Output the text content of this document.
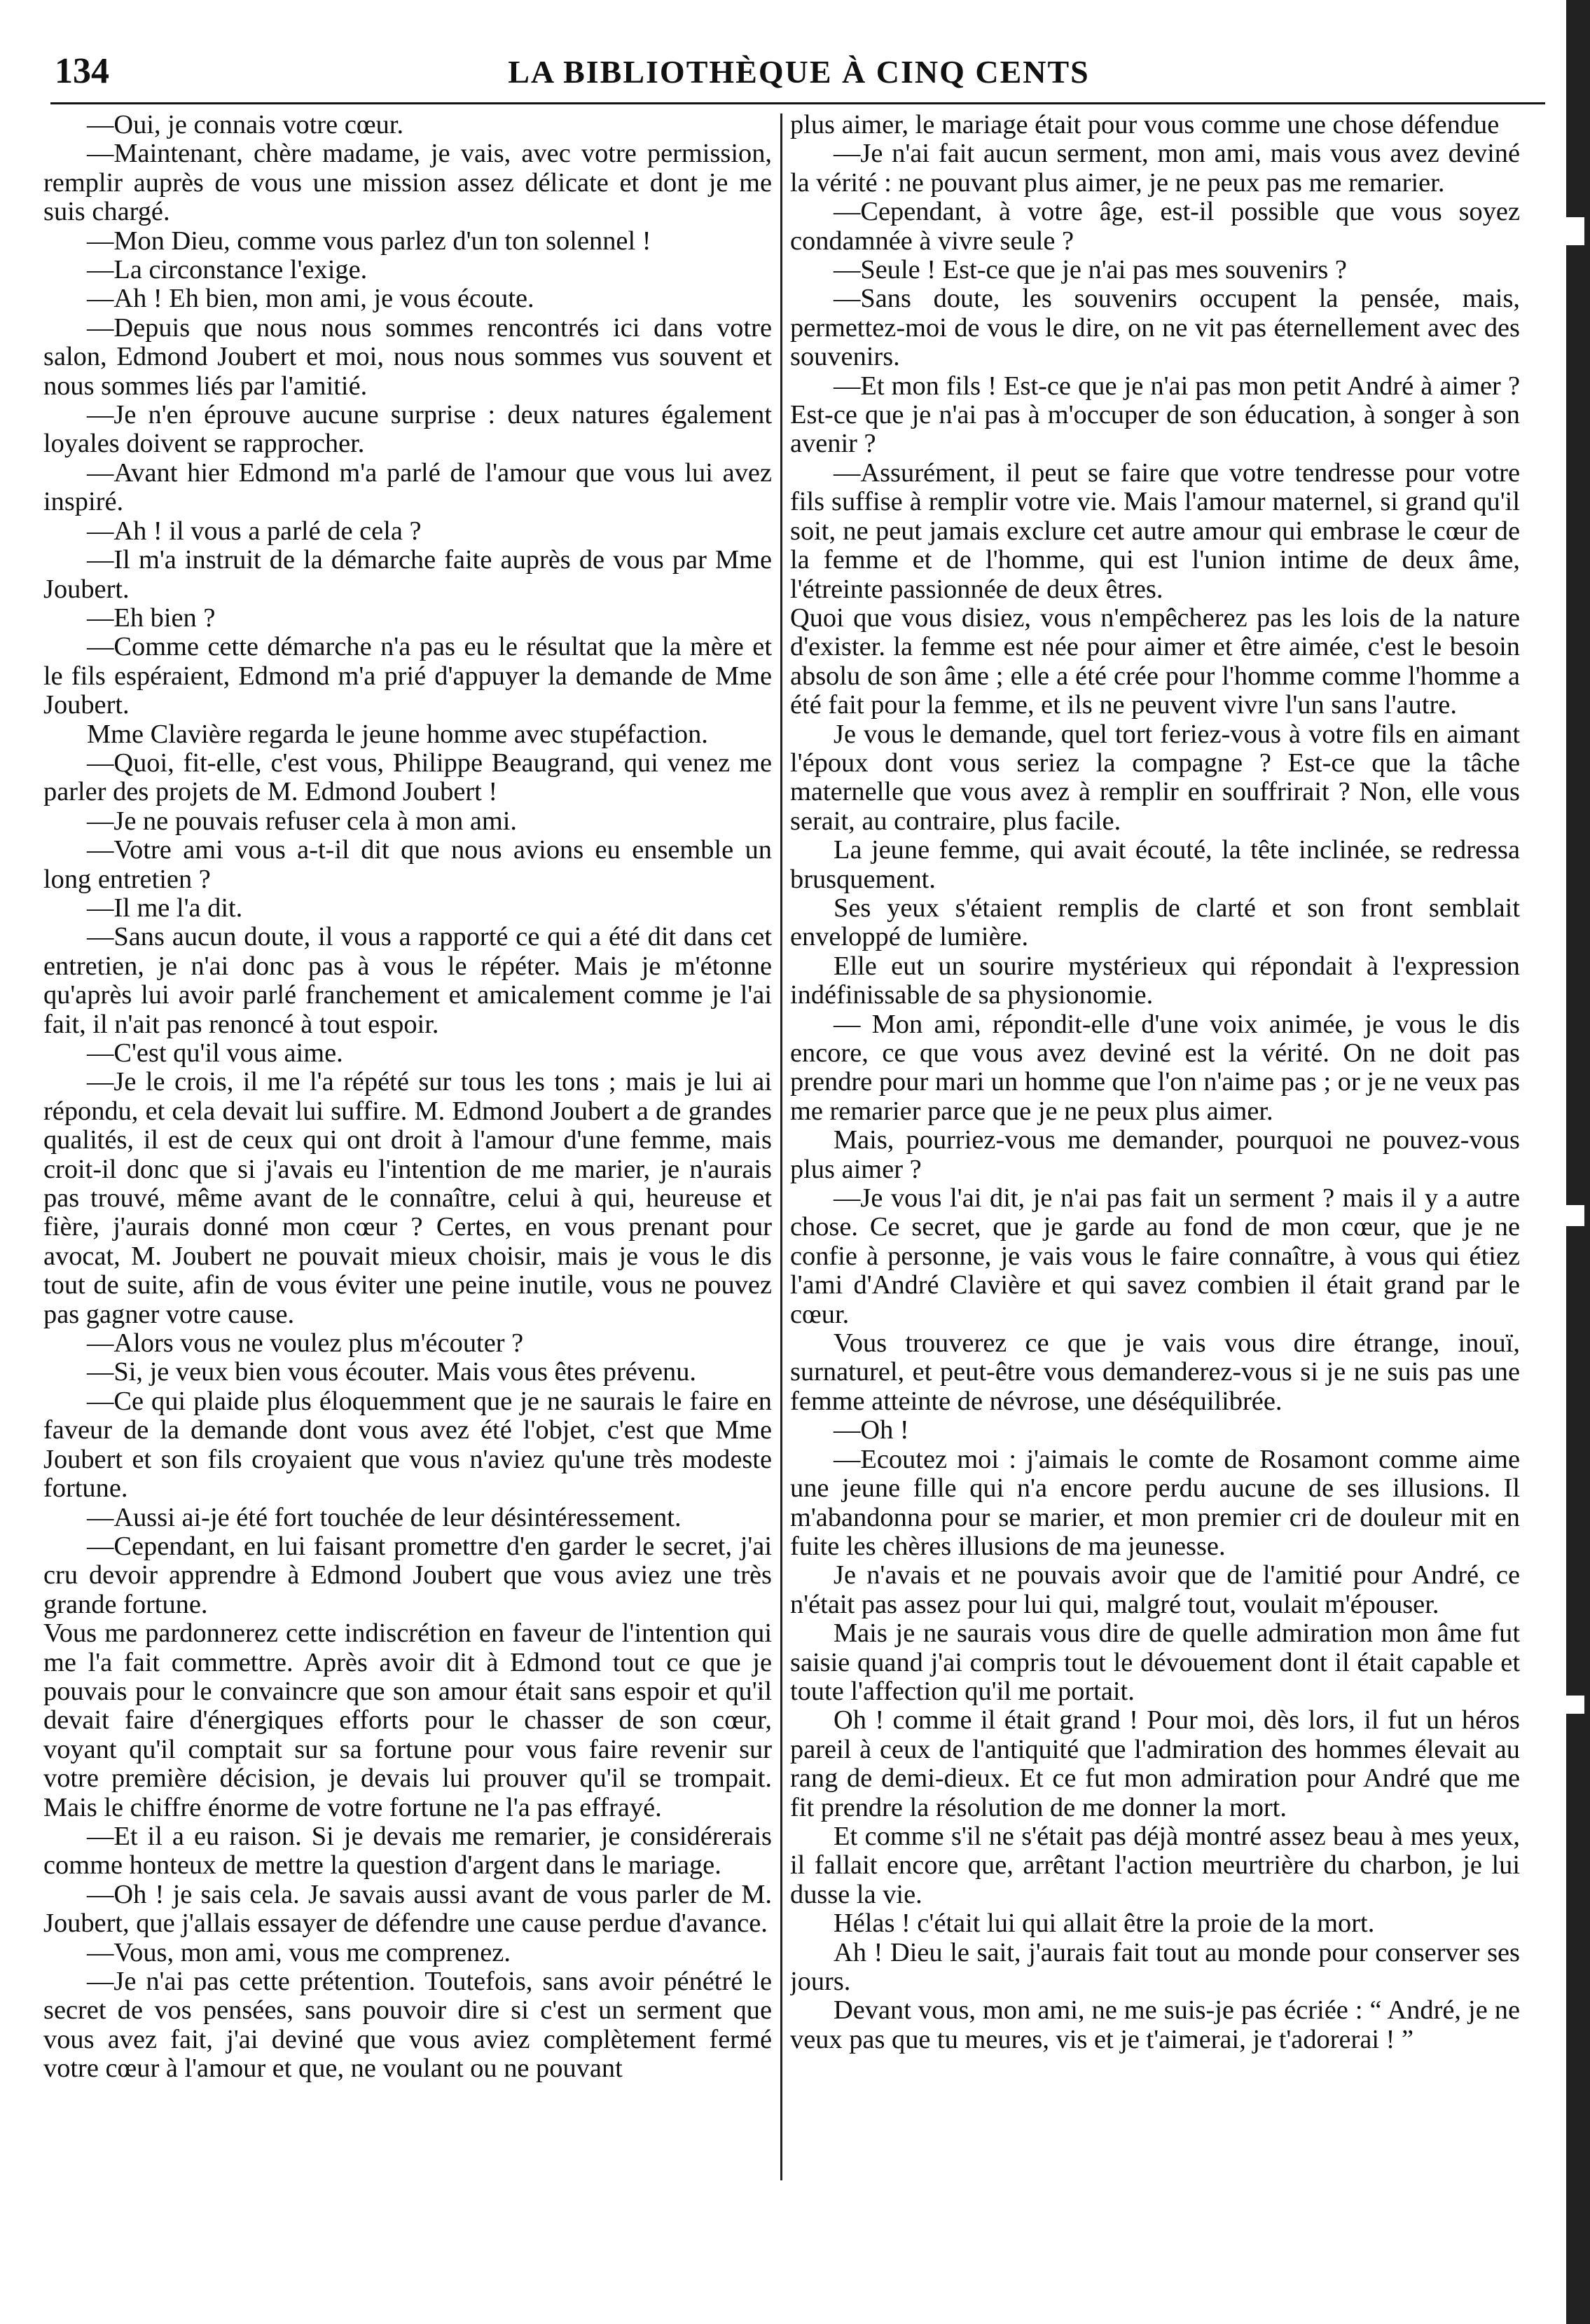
134	LA BIBLIOTHÈQUE À CINQ CENTS

—Oui, je connais votre cœur.

—Maintenant, chère madame, je vais, avec votre permission, remplir auprès de vous une mission assez délicate et dont je me suis chargé.

—Mon Dieu, comme vous parlez d'un ton solennel !

—La circonstance l'exige.

—Ah ! Eh bien, mon ami, je vous écoute.

—Depuis que nous nous sommes rencontrés ici dans votre salon, Edmond Joubert et moi, nous nous sommes vus souvent et nous sommes liés par l'amitié.

—Je n'en éprouve aucune surprise : deux natures également loyales doivent se rapprocher.

—Avant hier Edmond m'a parlé de l'amour que vous lui avez inspiré.

—Ah ! il vous a parlé de cela ?

—Il m'a instruit de la démarche faite auprès de vous par Mme Joubert.

—Eh bien ?

—Comme cette démarche n'a pas eu le résultat que la mère et le fils espéraient, Edmond m'a prié d'appuyer la demande de Mme Joubert.

Mme Clavière regarda le jeune homme avec stupéfaction.

—Quoi, fit-elle, c'est vous, Philippe Beaugrand, qui venez me parler des projets de M. Edmond Joubert !

—Je ne pouvais refuser cela à mon ami.

—Votre ami vous a-t-il dit que nous avions eu ensemble un long entretien ?

—Il me l'a dit.

—Sans aucun doute, il vous a rapporté ce qui a été dit dans cet entretien, je n'ai donc pas à vous le répéter. Mais je m'étonne qu'après lui avoir parlé franchement et amicalement comme je l'ai fait, il n'ait pas renoncé à tout espoir.

—C'est qu'il vous aime.

—Je le crois, il me l'a répété sur tous les tons ; mais je lui ai répondu, et cela devait lui suffire. M. Edmond Joubert a de grandes qualités, il est de ceux qui ont droit à l'amour d'une femme, mais croit-il donc que si j'avais eu l'intention de me marier, je n'aurais pas trouvé, même avant de le connaître, celui à qui, heureuse et fière, j'aurais donné mon cœur ? Certes, en vous prenant pour avocat, M. Joubert ne pouvait mieux choisir, mais je vous le dis tout de suite, afin de vous éviter une peine inutile, vous ne pouvez pas gagner votre cause.

—Alors vous ne voulez plus m'écouter ?

—Si, je veux bien vous écouter. Mais vous êtes prévenu.

—Ce qui plaide plus éloquemment que je ne saurais le faire en faveur de la demande dont vous avez été l'objet, c'est que Mme Joubert et son fils croyaient que vous n'aviez qu'une très modeste fortune.

—Aussi ai-je été fort touchée de leur désintéressement.

—Cependant, en lui faisant promettre d'en garder le secret, j'ai cru devoir apprendre à Edmond Joubert que vous aviez une très grande fortune.

Vous me pardonnerez cette indiscrétion en faveur de l'intention qui me l'a fait commettre. Après avoir dit à Edmond tout ce que je pouvais pour le convaincre que son amour était sans espoir et qu'il devait faire d'énergiques efforts pour le chasser de son cœur, voyant qu'il comptait sur sa fortune pour vous faire revenir sur votre première décision, je devais lui prouver qu'il se trompait. Mais le chiffre énorme de votre fortune ne l'a pas effrayé.

—Et il a eu raison. Si je devais me remarier, je considérerais comme honteux de mettre la question d'argent dans le mariage.

—Oh ! je sais cela. Je savais aussi avant de vous parler de M. Joubert, que j'allais essayer de défendre une cause perdue d'avance.

—Vous, mon ami, vous me comprenez.

—Je n'ai pas cette prétention. Toutefois, sans avoir pénétré le secret de vos pensées, sans pouvoir dire si c'est un serment que vous avez fait, j'ai deviné que vous aviez complètement fermé votre cœur à l'amour et que, ne voulant ou ne pouvant

plus aimer, le mariage était pour vous comme une chose défendue

—Je n'ai fait aucun serment, mon ami, mais vous avez deviné la vérité : ne pouvant plus aimer, je ne peux pas me remarier.

—Cependant, à votre âge, est-il possible que vous soyez condamnée à vivre seule ?

—Seule ! Est-ce que je n'ai pas mes souvenirs ?

—Sans doute, les souvenirs occupent la pensée, mais, permettez-moi de vous le dire, on ne vit pas éternellement avec des souvenirs.

—Et mon fils ! Est-ce que je n'ai pas mon petit André à aimer ? Est-ce que je n'ai pas à m'occuper de son éducation, à songer à son avenir ?

—Assurément, il peut se faire que votre tendresse pour votre fils suffise à remplir votre vie. Mais l'amour maternel, si grand qu'il soit, ne peut jamais exclure cet autre amour qui embrase le cœur de la femme et de l'homme, qui est l'union intime de deux âme, l'étreinte passionnée de deux êtres.

Quoi que vous disiez, vous n'empêcherez pas les lois de la nature d'exister. la femme est née pour aimer et être aimée, c'est le besoin absolu de son âme ; elle a été crée pour l'homme comme l'homme a été fait pour la femme, et ils ne peuvent vivre l'un sans l'autre.

Je vous le demande, quel tort feriez-vous à votre fils en aimant l'époux dont vous seriez la compagne ? Est-ce que la tâche maternelle que vous avez à remplir en souffrirait ? Non, elle vous serait, au contraire, plus facile.

La jeune femme, qui avait écouté, la tête inclinée, se redressa brusquement.

Ses yeux s'étaient remplis de clarté et son front semblait enveloppé de lumière.

Elle eut un sourire mystérieux qui répondait à l'expression indéfinissable de sa physionomie.

— Mon ami, répondit-elle d'une voix animée, je vous le dis encore, ce que vous avez deviné est la vérité. On ne doit pas prendre pour mari un homme que l'on n'aime pas ; or je ne veux pas me remarier parce que je ne peux plus aimer.

Mais, pourriez-vous me demander, pourquoi ne pouvez-vous plus aimer ?

—Je vous l'ai dit, je n'ai pas fait un serment ? mais il y a autre chose. Ce secret, que je garde au fond de mon cœur, que je ne confie à personne, je vais vous le faire connaître, à vous qui étiez l'ami d'André Clavière et qui savez combien il était grand par le cœur.

Vous trouverez ce que je vais vous dire étrange, inouï, surnaturel, et peut-être vous demanderez-vous si je ne suis pas une femme atteinte de névrose, une déséquilibrée.

—Oh !

—Ecoutez moi : j'aimais le comte de Rosamont comme aime une jeune fille qui n'a encore perdu aucune de ses illusions. Il m'abandonna pour se marier, et mon premier cri de douleur mit en fuite les chères illusions de ma jeunesse.

Je n'avais et ne pouvais avoir que de l'amitié pour André, ce n'était pas assez pour lui qui, malgré tout, voulait m'épouser.

Mais je ne saurais vous dire de quelle admiration mon âme fut saisie quand j'ai compris tout le dévouement dont il était capable et toute l'affection qu'il me portait.

Oh ! comme il était grand ! Pour moi, dès lors, il fut un héros pareil à ceux de l'antiquité que l'admiration des hommes élevait au rang de demi-dieux. Et ce fut mon admiration pour André que me fit prendre la résolution de me donner la mort.

Et comme s'il ne s'était pas déjà montré assez beau à mes yeux, il fallait encore que, arrêtant l'action meurtrière du charbon, je lui dusse la vie.

Hélas ! c'était lui qui allait être la proie de la mort.

Ah ! Dieu le sait, j'aurais fait tout au monde pour conserver ses jours.

Devant vous, mon ami, ne me suis-je pas écriée : “ André, je ne veux pas que tu meures, vis et je t'aimerai, je t'adorerai ! ”
